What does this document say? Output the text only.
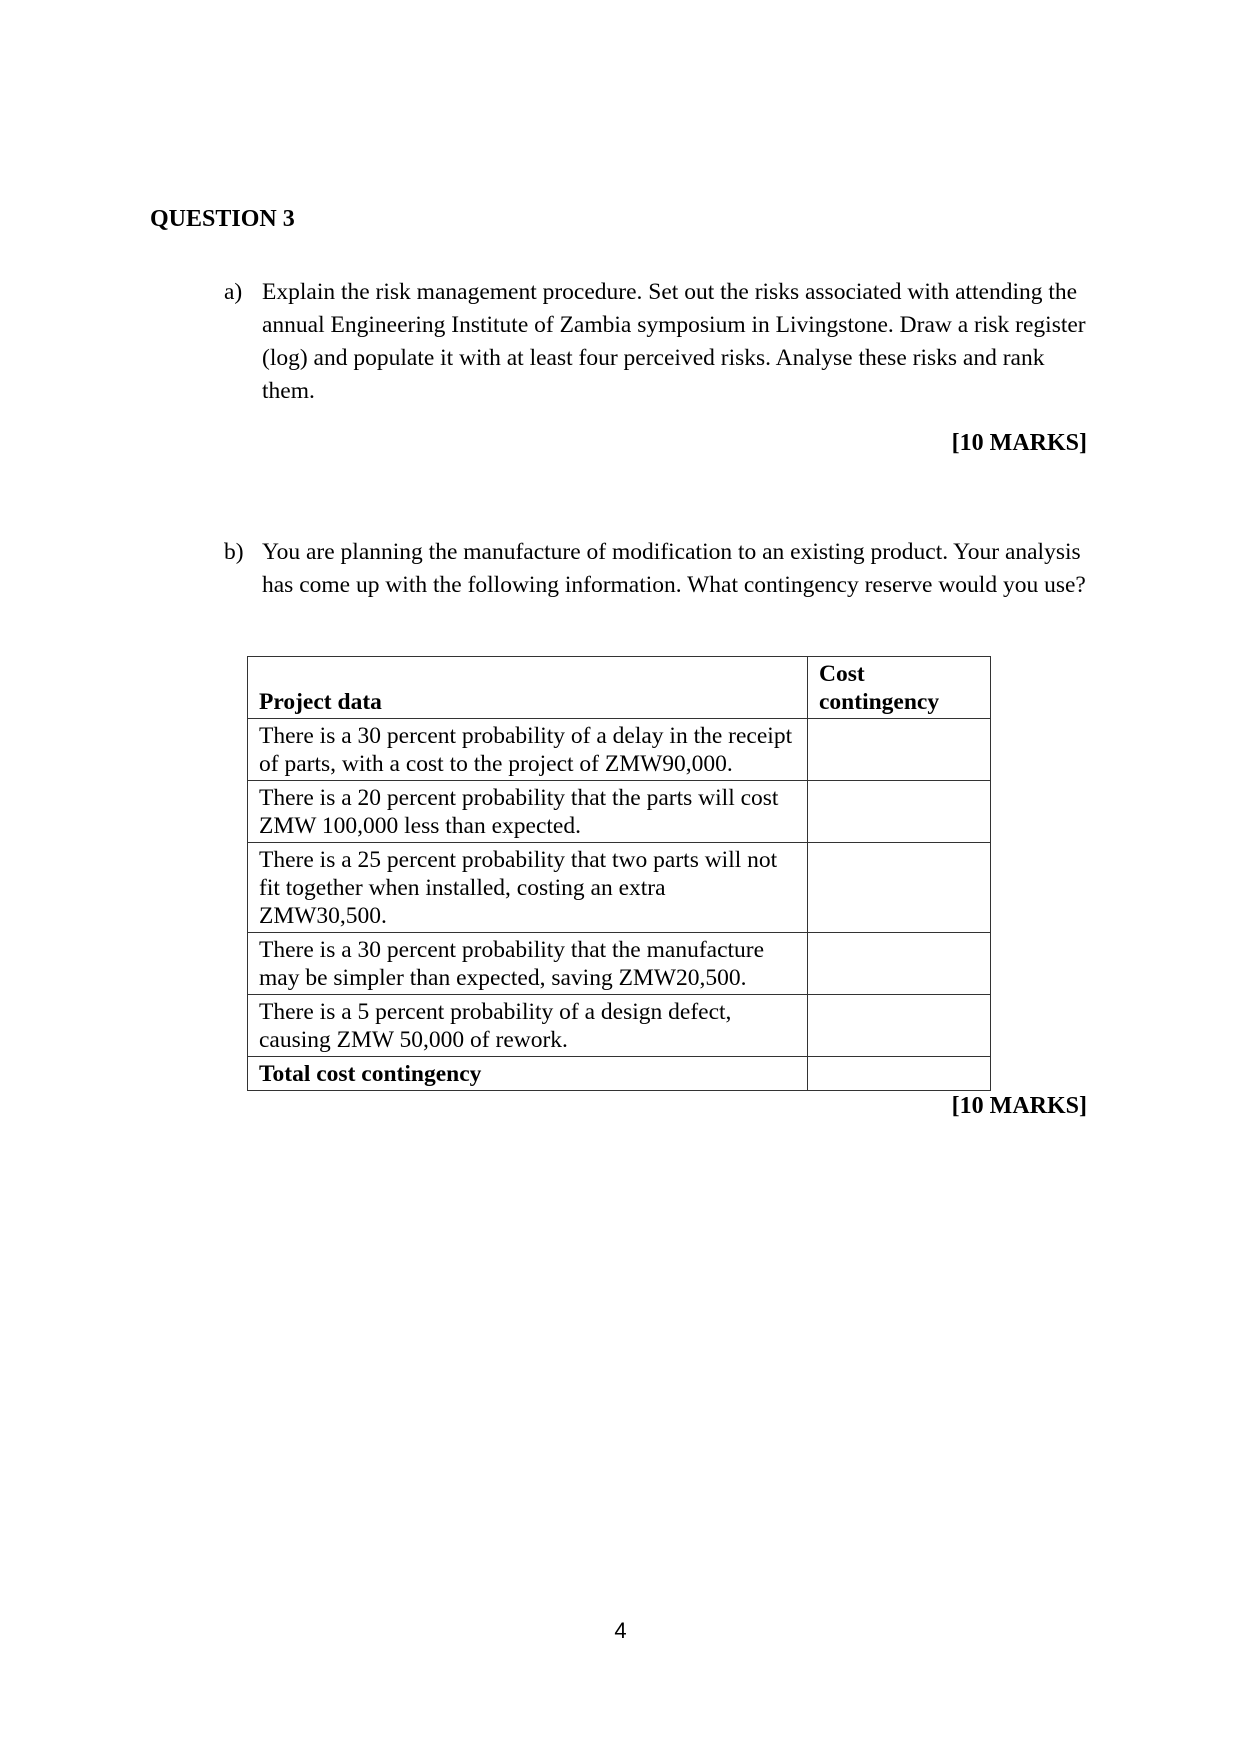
QUESTION 3
a) Explain the risk management procedure. Set out the risks associated with attending the annual Engineering Institute of Zambia symposium in Livingstone. Draw a risk register (log) and populate it with at least four perceived risks. Analyse these risks and rank them.
[10 MARKS]
b) You are planning the manufacture of modification to an existing product. Your analysis has come up with the following information. What contingency reserve would you use?
Project data	Cost contingency
There is a 30 percent probability of a delay in the receipt of parts, with a cost to the project of ZMW90,000.	
There is a 20 percent probability that the parts will cost ZMW 100,000 less than expected.	
There is a 25 percent probability that two parts will not fit together when installed, costing an extra ZMW30,500.	
There is a 30 percent probability that the manufacture may be simpler than expected, saving ZMW20,500.	
There is a 5 percent probability of a design defect, causing ZMW 50,000 of rework.	
Total cost contingency	
[10 MARKS]
4
